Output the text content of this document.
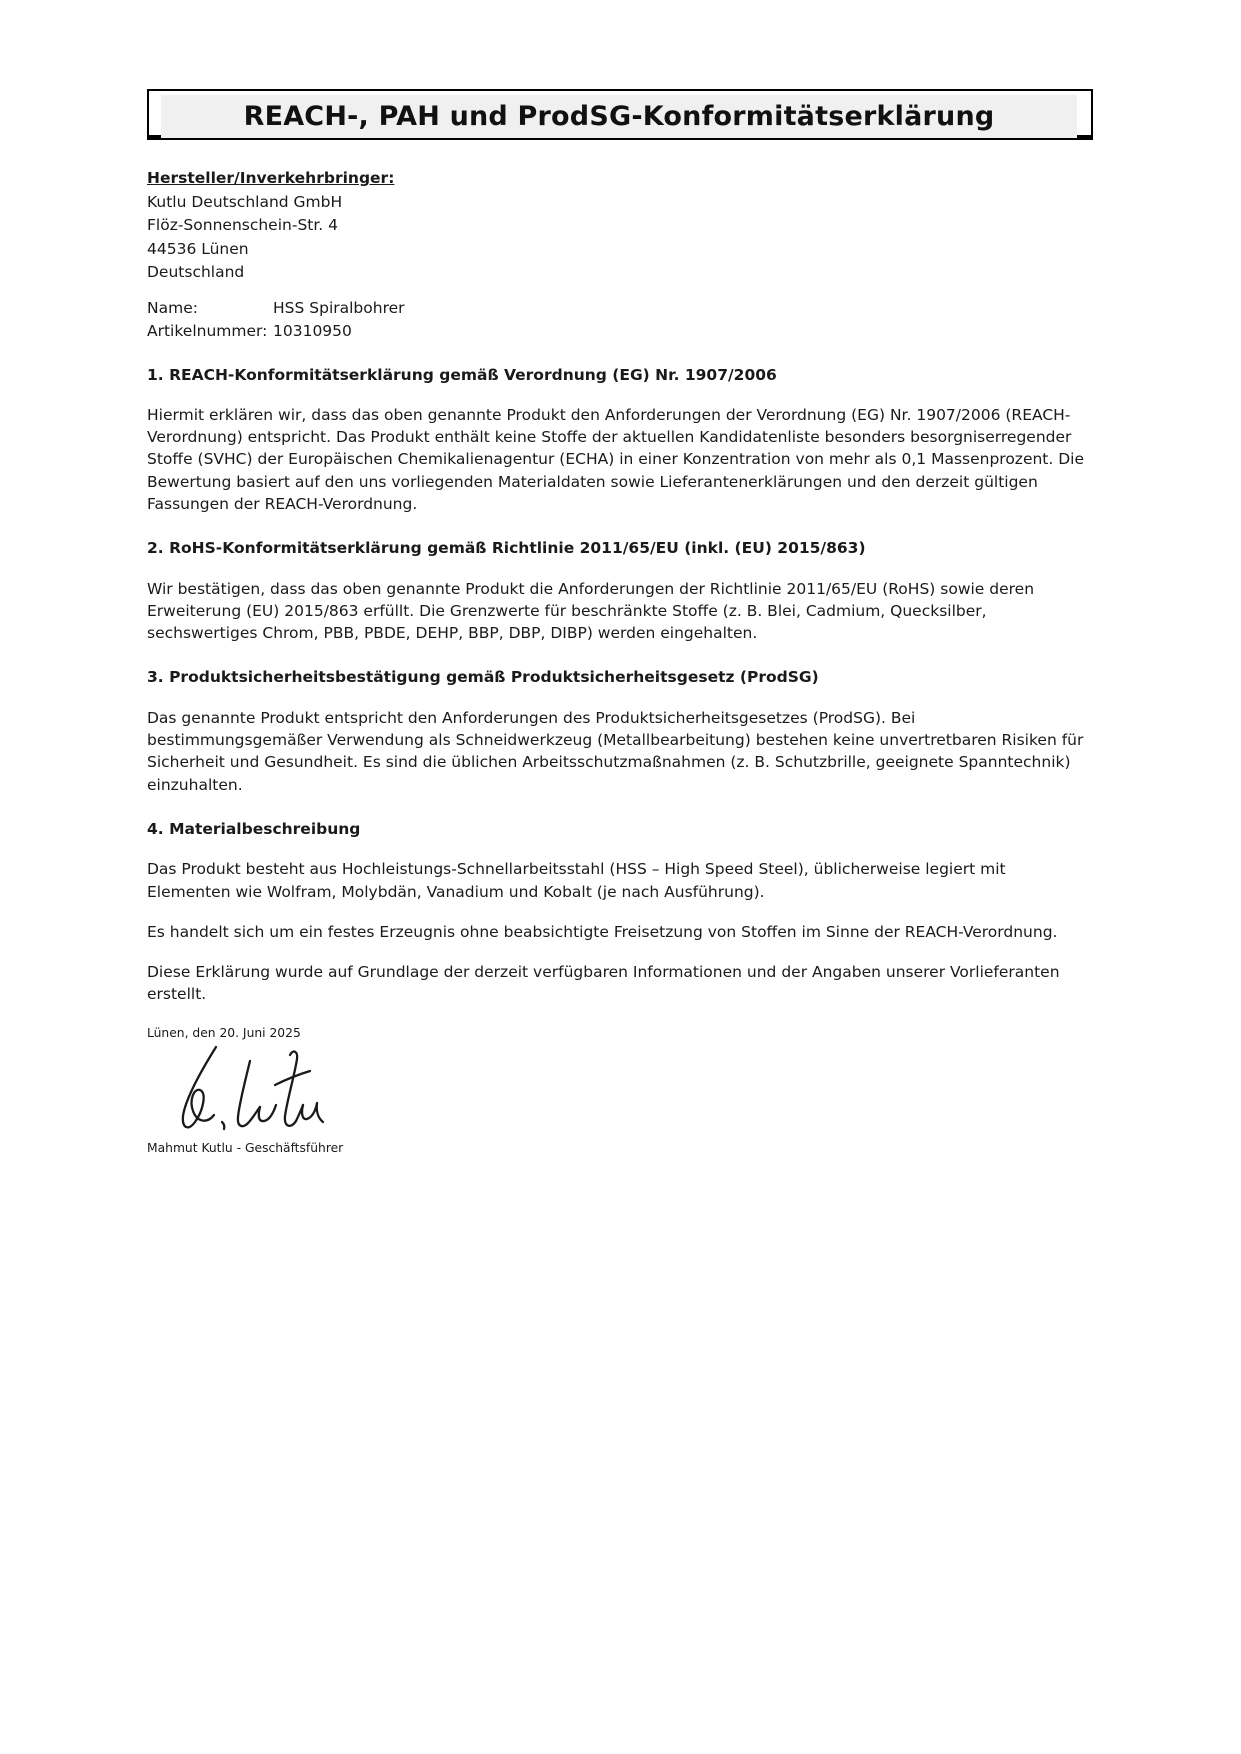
REACH-, PAH und ProdSG-Konformitätserklärung
Hersteller/Inverkehrbringer:
Kutlu Deutschland GmbH
Flöz-Sonnenschein-Str. 4
44536 Lünen
Deutschland
Name:	HSS Spiralbohrer
Artikelnummer: 10310950
1. REACH-Konformitätserklärung gemäß Verordnung (EG) Nr. 1907/2006

Hiermit erklären wir, dass das oben genannte Produkt den Anforderungen der Verordnung (EG) Nr. 1907/2006 (REACH-Verordnung) entspricht. Das Produkt enthält keine Stoffe der aktuellen Kandidatenliste besonders besorgniserregender Stoffe (SVHC) der Europäischen Chemikalienagentur (ECHA) in einer Konzentration von mehr als 0,1 Massenprozent. Die Bewertung basiert auf den uns vorliegenden Materialdaten sowie Lieferantenerklärungen und den derzeit gültigen Fassungen der REACH-Verordnung.

2. RoHS-Konformitätserklärung gemäß Richtlinie 2011/65/EU (inkl. (EU) 2015/863)

Wir bestätigen, dass das oben genannte Produkt die Anforderungen der Richtlinie 2011/65/EU (RoHS) sowie deren Erweiterung (EU) 2015/863 erfüllt. Die Grenzwerte für beschränkte Stoffe (z. B. Blei, Cadmium, Quecksilber, sechswertiges Chrom, PBB, PBDE, DEHP, BBP, DBP, DIBP) werden eingehalten.

3. Produktsicherheitsbestätigung gemäß Produktsicherheitsgesetz (ProdSG)

Das genannte Produkt entspricht den Anforderungen des Produktsicherheitsgesetzes (ProdSG). Bei bestimmungsgemäßer Verwendung als Schneidwerkzeug (Metallbearbeitung) bestehen keine unvertretbaren Risiken für Sicherheit und Gesundheit. Es sind die üblichen Arbeitsschutzmaßnahmen (z. B. Schutzbrille, geeignete Spanntechnik) einzuhalten.

4. Materialbeschreibung

Das Produkt besteht aus Hochleistungs-Schnellarbeitsstahl (HSS – High Speed Steel), üblicherweise legiert mit Elementen wie Wolfram, Molybdän, Vanadium und Kobalt (je nach Ausführung).

Es handelt sich um ein festes Erzeugnis ohne beabsichtigte Freisetzung von Stoffen im Sinne der REACH-Verordnung.

Diese Erklärung wurde auf Grundlage der derzeit verfügbaren Informationen und der Angaben unserer Vorlieferanten erstellt.

Lünen, den 20. Juni 2025
Mahmut Kutlu - Geschäftsführer
